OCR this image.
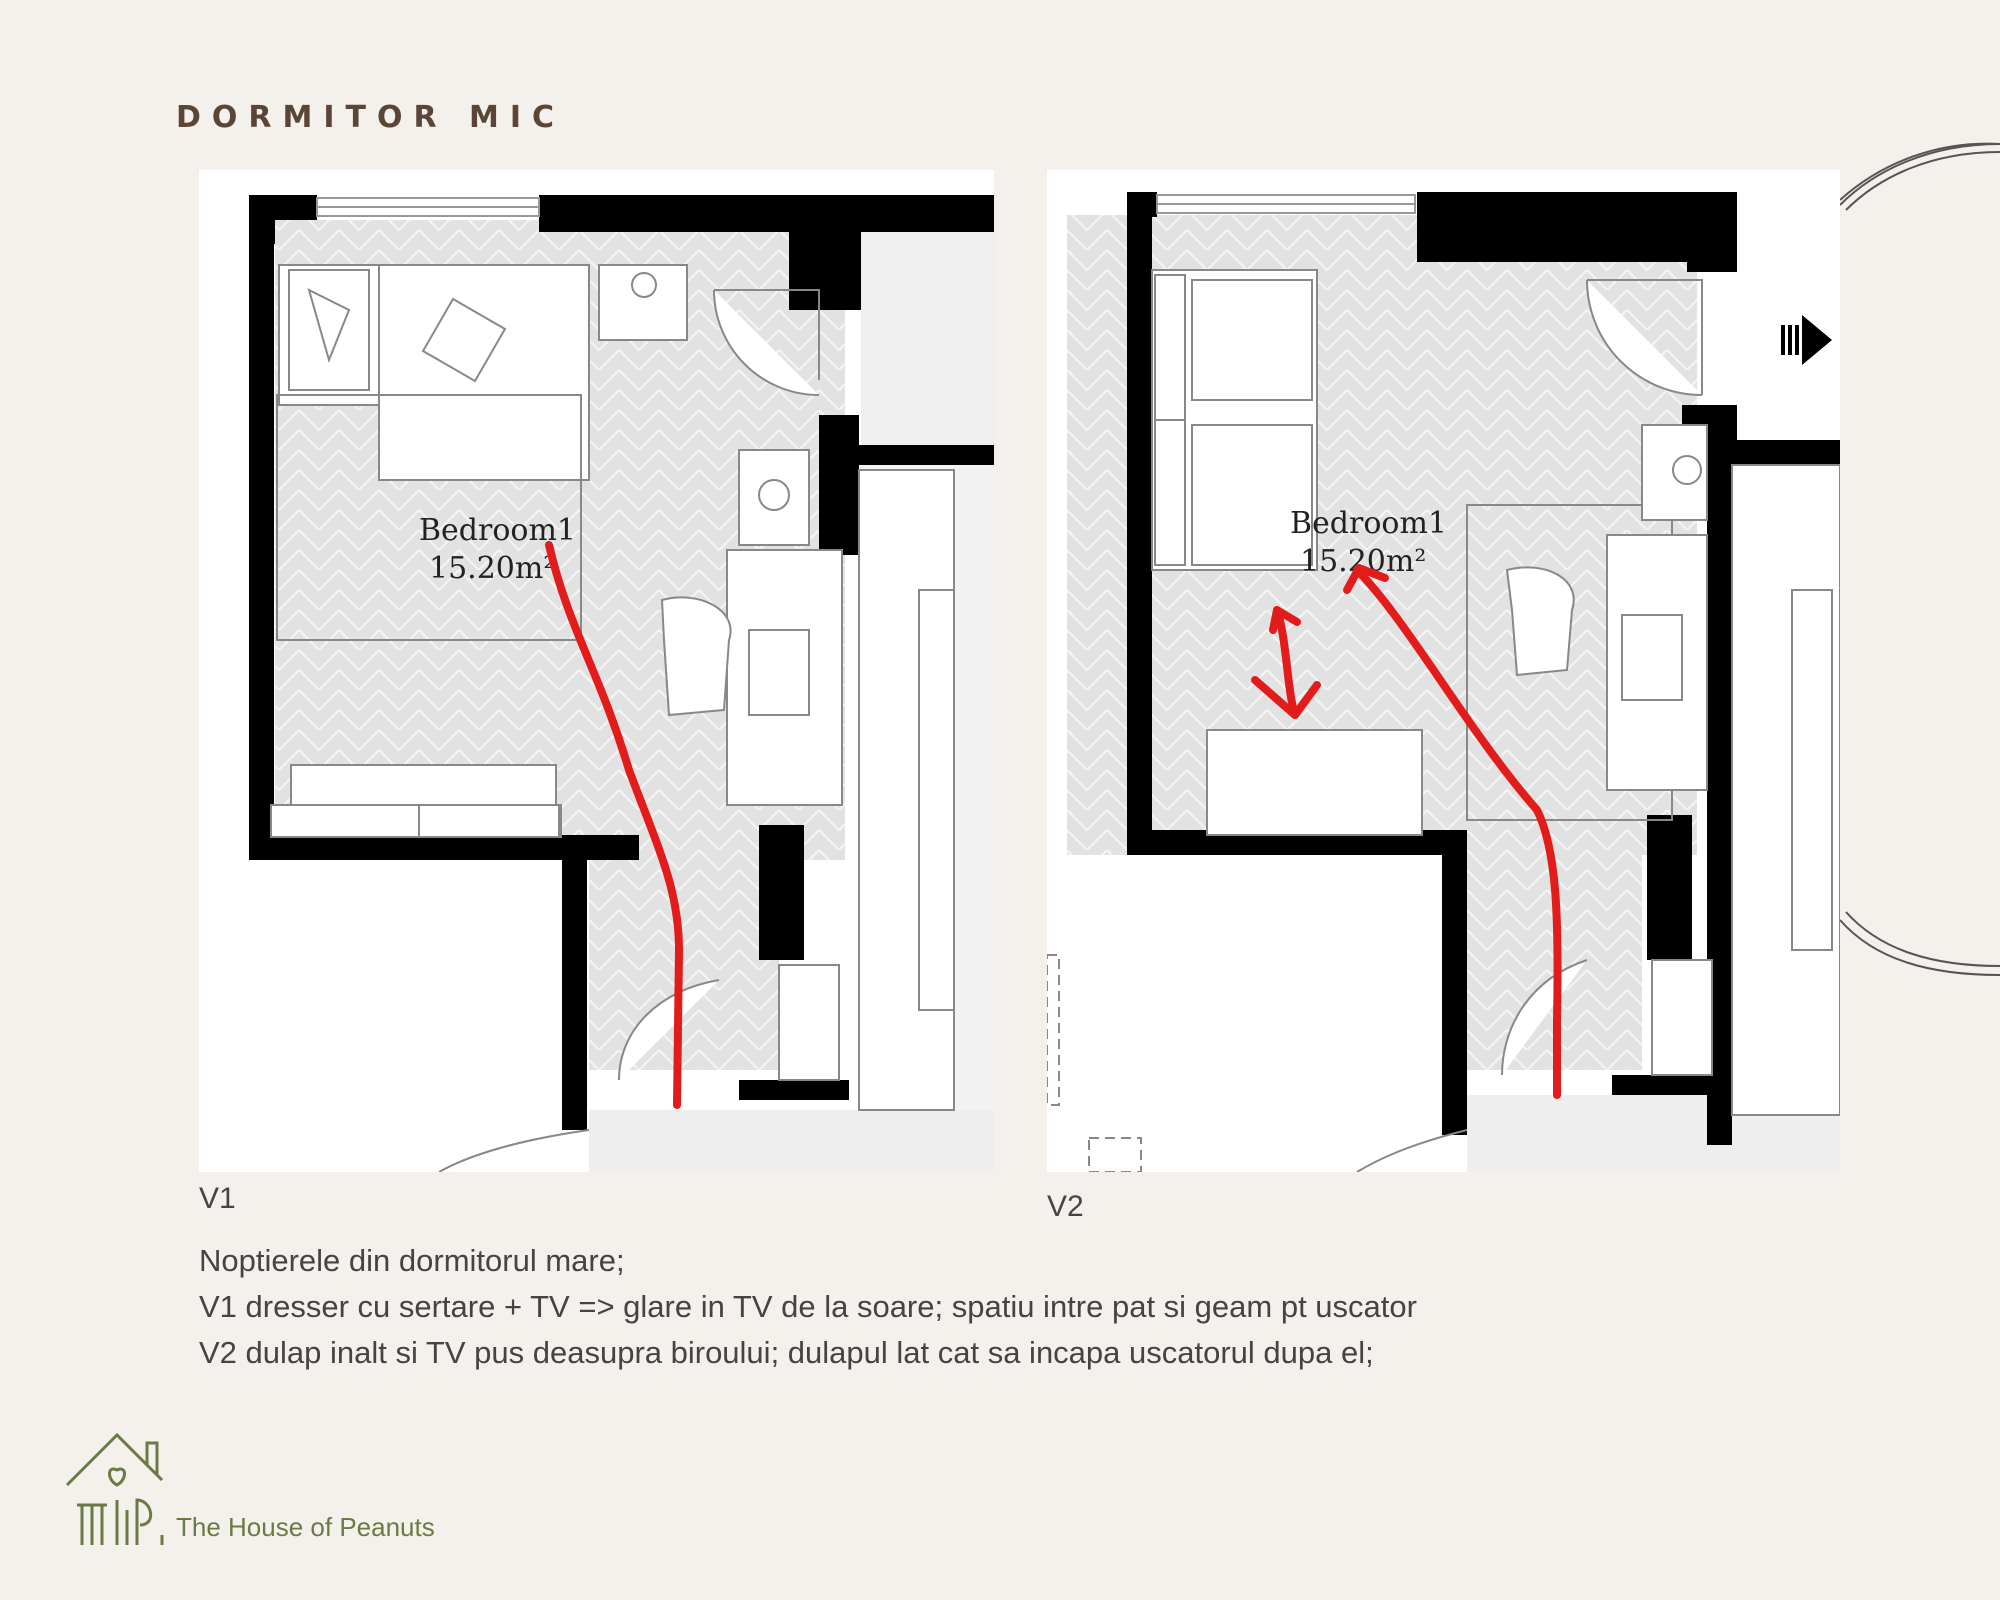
DORMITOR MIC
Bedroom1
15.20m²
V1
Bedroom1
15.20m²
V2
Noptierele din dormitorul mare;
V1 dresser cu sertare + TV => glare in TV de la soare; spatiu intre pat si geam pt uscator
V2 dulap inalt si TV pus deasupra biroului; dulapul lat cat sa incapa uscatorul dupa el;
The House of Peanuts
